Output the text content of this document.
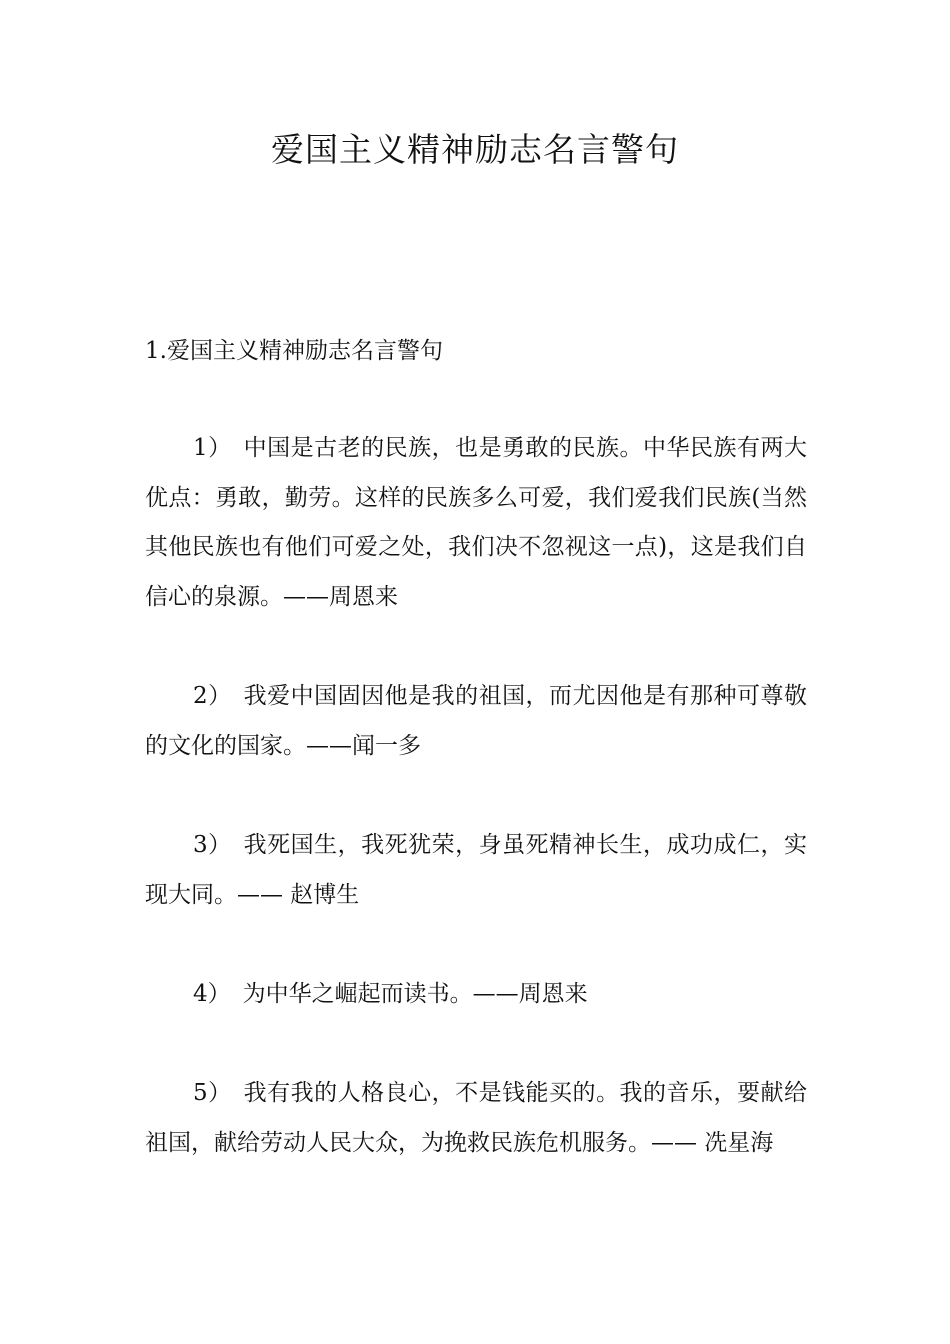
爱国主义精神励志名言警句
1.爱国主义精神励志名言警句

1） 中国是古老的民族，也是勇敢的民族。中华民族有两大优点：勇敢，勤劳。这样的民族多么可爱，我们爱我们民族(当然其他民族也有他们可爱之处，我们决不忽视这一点)，这是我们自信心的泉源。——周恩来

2） 我爱中国固因他是我的祖国，而尤因他是有那种可尊敬的文化的国家。——闻一多

3） 我死国生，我死犹荣，身虽死精神长生，成功成仁，实现大同。—— 赵博生

4） 为中华之崛起而读书。——周恩来

5） 我有我的人格良心，不是钱能买的。我的音乐，要献给祖国，献给劳动人民大众，为挽救民族危机服务。—— 冼星海
